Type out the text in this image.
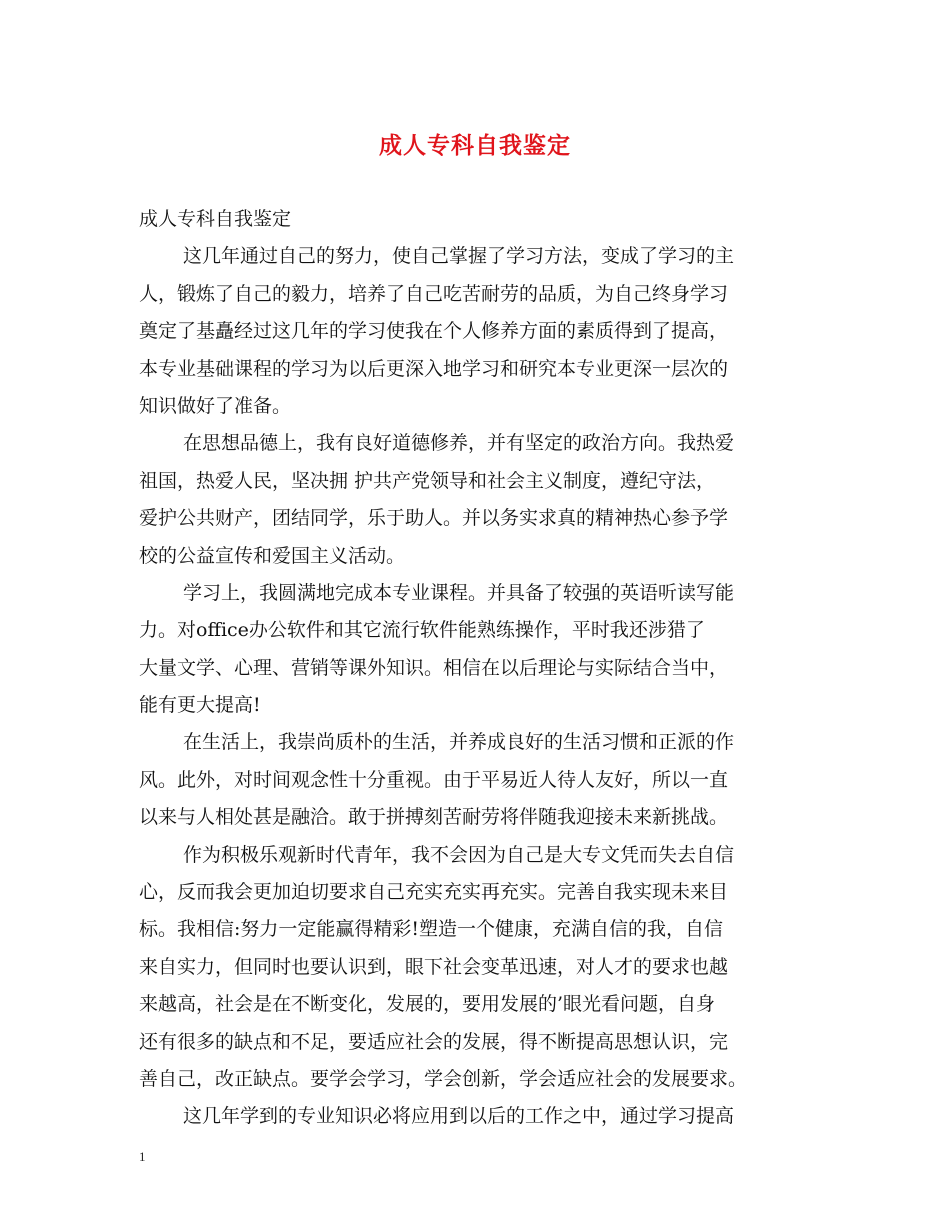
成人专科自我鉴定
成人专科自我鉴定
这几年通过自己的努力，使自己掌握了学习方法，变成了学习的主
人，锻炼了自己的毅力，培养了自己吃苦耐劳的品质，为自己终身学习
奠定了基矗经过这几年的学习使我在个人修养方面的素质得到了提高，
本专业基础课程的学习为以后更深入地学习和研究本专业更深一层次的
知识做好了准备。
在思想品德上，我有良好道德修养，并有坚定的政治方向。我热爱
祖国，热爱人民，坚决拥 护共产党领导和社会主义制度，遵纪守法，
爱护公共财产，团结同学，乐于助人。并以务实求真的精神热心参予学
校的公益宣传和爱国主义活动。
学习上，我圆满地完成本专业课程。并具备了较强的英语听读写能
力。对office办公软件和其它流行软件能熟练操作，平时我还涉猎了
大量文学、心理、营销等课外知识。相信在以后理论与实际结合当中，
能有更大提高!
在生活上，我崇尚质朴的生活，并养成良好的生活习惯和正派的作
风。此外，对时间观念性十分重视。由于平易近人待人友好，所以一直
以来与人相处甚是融洽。敢于拼搏刻苦耐劳将伴随我迎接未来新挑战。
作为积极乐观新时代青年，我不会因为自己是大专文凭而失去自信
心，反而我会更加迫切要求自己充实充实再充实。完善自我实现未来目
标。我相信:努力一定能赢得精彩!塑造一个健康，充满自信的我，自信
来自实力，但同时也要认识到，眼下社会变革迅速，对人才的要求也越
来越高，社会是在不断变化，发展的，要用发展的’眼光看问题，自身
还有很多的缺点和不足，要适应社会的发展，得不断提高思想认识，完
善自己，改正缺点。要学会学习，学会创新，学会适应社会的发展要求。
这几年学到的专业知识必将应用到以后的工作之中，通过学习提高
1
